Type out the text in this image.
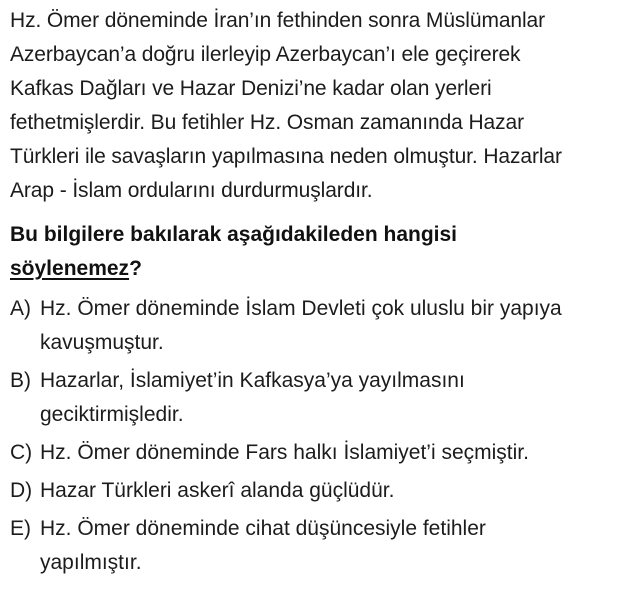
Hz. Ömer döneminde İran’ın fethinden sonra Müslümanlar
Azerbaycan’a doğru ilerleyip Azerbaycan’ı ele geçirerek
Kafkas Dağları ve Hazar Denizi’ne kadar olan yerleri
fethetmişlerdir. Bu fetihler Hz. Osman zamanında Hazar
Türkleri ile savaşların yapılmasına neden olmuştur. Hazarlar
Arap - İslam ordularını durdurmuşlardır.
Bu bilgilere bakılarak aşağıdakileden hangisi
söylenemez?
A) Hz. Ömer döneminde İslam Devleti çok uluslu bir yapıya
kavuşmuştur.
B) Hazarlar, İslamiyet’in Kafkasya’ya yayılmasını
geciktirmişledir.
C) Hz. Ömer döneminde Fars halkı İslamiyet’i seçmiştir.
D) Hazar Türkleri askerî alanda güçlüdür.
E) Hz. Ömer döneminde cihat düşüncesiyle fetihler
yapılmıştır.
